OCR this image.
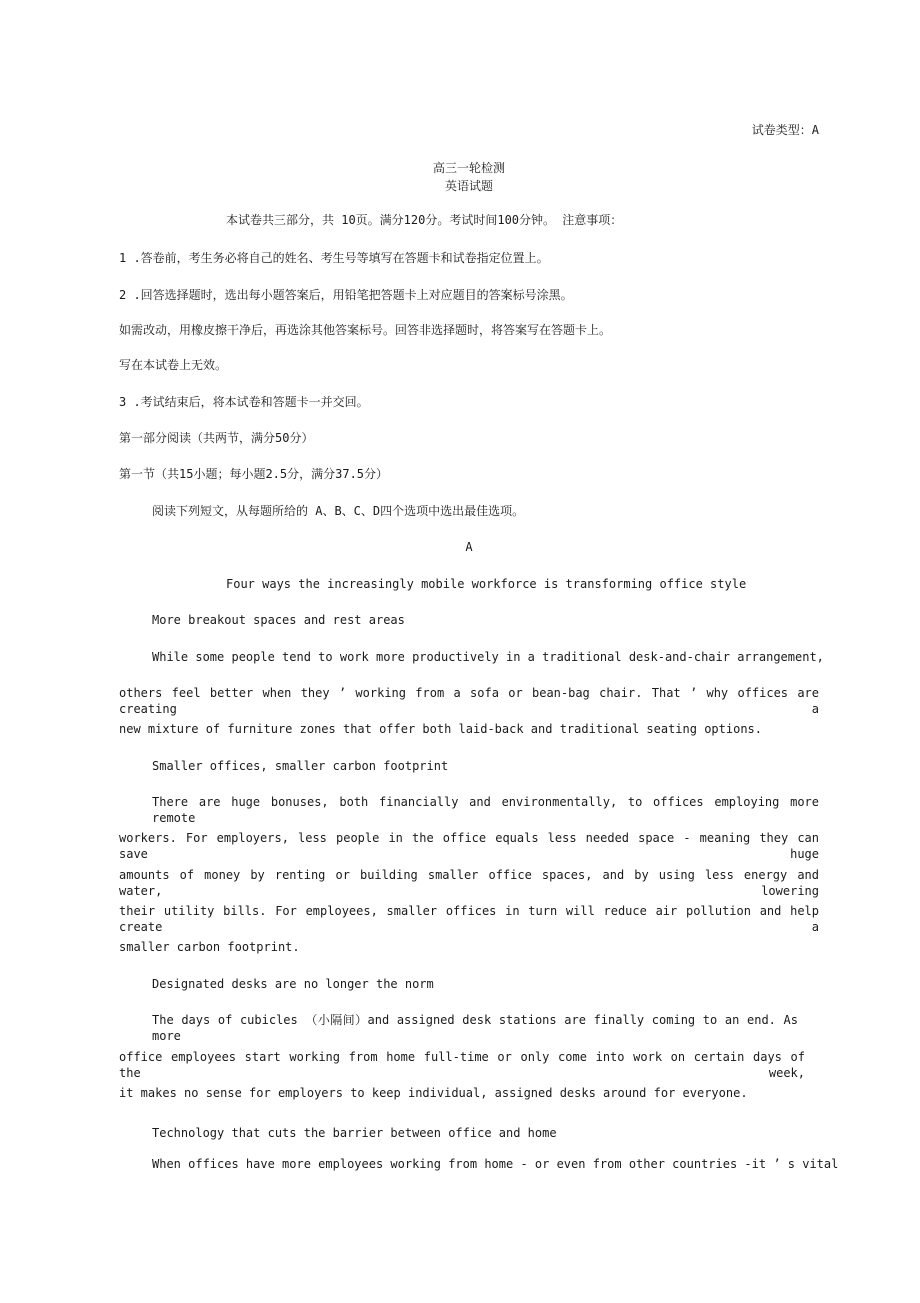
试卷类型：A
高三一轮检测
英语试题
本试卷共三部分，共 10页。满分120分。考试时间100分钟。 注意事项：
1 .答卷前，考生务必将自己的姓名、考生号等填写在答题卡和试卷指定位置上。
2 .回答选择题时，选出每小题答案后，用铅笔把答题卡上对应题目的答案标号涂黑。
如需改动，用橡皮擦干净后，再选涂其他答案标号。回答非选择题时，将答案写在答题卡上。
写在本试卷上无效。
3 .考试结束后，将本试卷和答题卡一并交回。
第一部分阅读（共两节，满分50分）
第一节（共15小题；每小题2.5分，满分37.5分）
阅读下列短文，从每题所给的 A、B、C、D四个选项中选出最佳选项。
A
Four ways the increasingly mobile workforce is transforming office style
More breakout spaces and rest areas
While some people tend to work more productively in a traditional desk-and-chair arrangement,
others feel better when they ’ working from a sofa or bean-bag chair. That ’ why offices are creating a
new mixture of furniture zones that offer both laid-back and traditional seating options.
Smaller offices, smaller carbon footprint
There are huge bonuses, both financially and environmentally, to offices employing more remote
workers. For employers, less people in the office equals less needed space - meaning they can save huge
amounts of money by renting or building smaller office spaces, and by using less energy and water, lowering
their utility bills. For employees, smaller offices in turn will reduce air pollution and help create a
smaller carbon footprint.
Designated desks are no longer the norm
The days of cubicles （小隔间）and assigned desk stations are finally coming to an end. As more
office employees start working from home full-time or only come into work on certain days of the week,
it makes no sense for employers to keep individual, assigned desks around for everyone.
Technology that cuts the barrier between office and home
When offices have more employees working from home - or even from other countries -it ’ s vital
